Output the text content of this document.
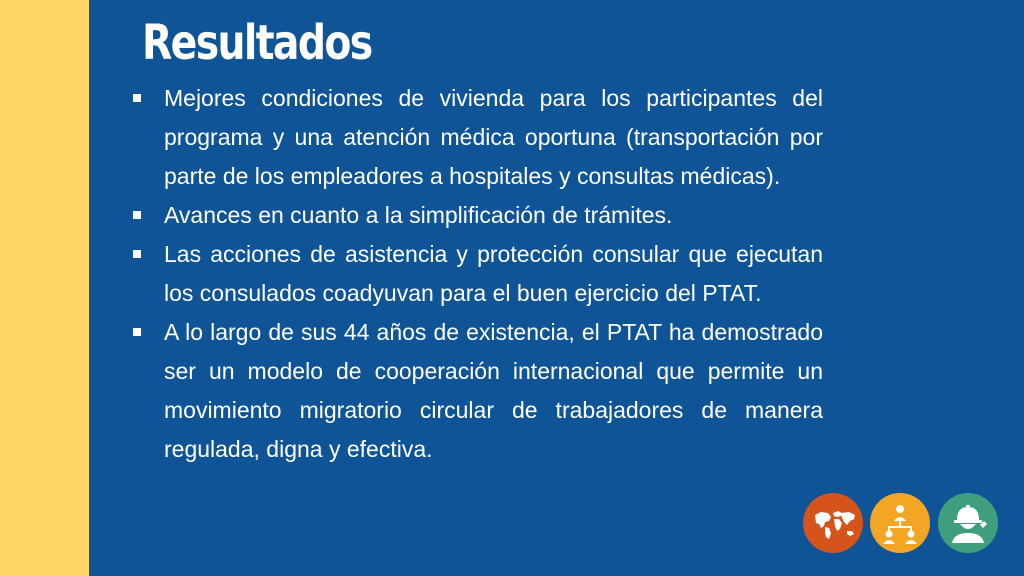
Resultados
Mejores condiciones de vivienda para los participantes del programa y una atención médica oportuna (transportación por parte de los empleadores a hospitales y consultas médicas).
Avances en cuanto a la simplificación de trámites.
Las acciones de asistencia y protección consular que ejecutan los consulados coadyuvan para el buen ejercicio del PTAT.
A lo largo de sus 44 años de existencia, el PTAT ha demostrado ser un modelo de cooperación internacional que permite un movimiento migratorio circular de trabajadores de manera regulada, digna y efectiva.
